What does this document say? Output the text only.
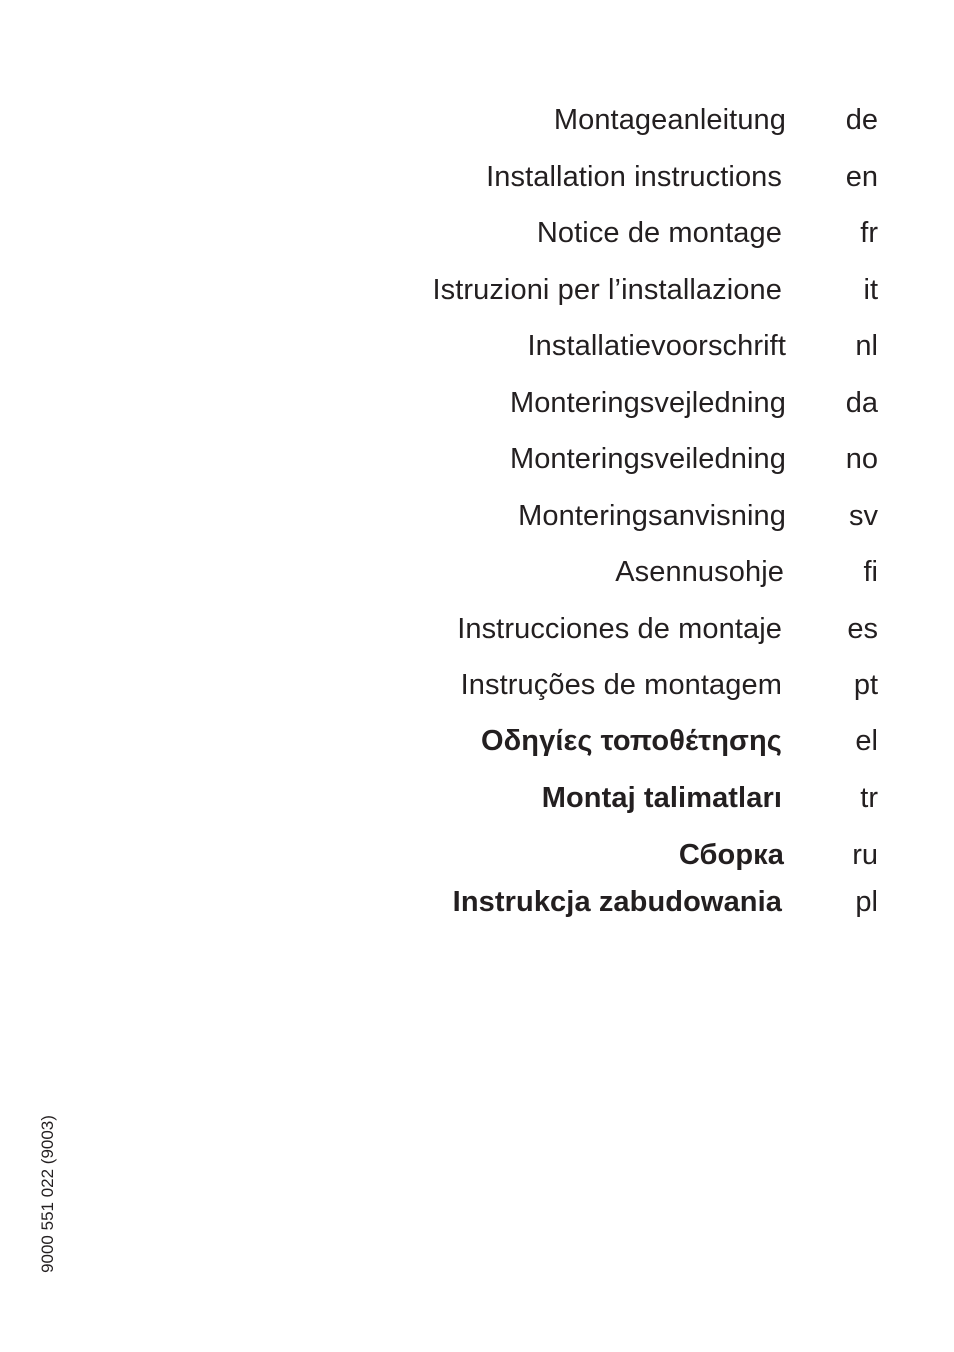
Montageanleitung de
Installation instructions en
Notice de montage	fr
Istruzioni per l’installazione	it
Installatievoorschrift nl
Monteringsvejledning da
Monteringsveiledning no
Monteringsanvisning sv
Asennusohje	fi
Instrucciones de montaje es
Instruções de montagem pt
Οδηγίες τοποθέτησης	el
Montaj talimatları	tr
Сборка ru
Instrukcja zabudowania	pl
9000 551 022 (9003)
